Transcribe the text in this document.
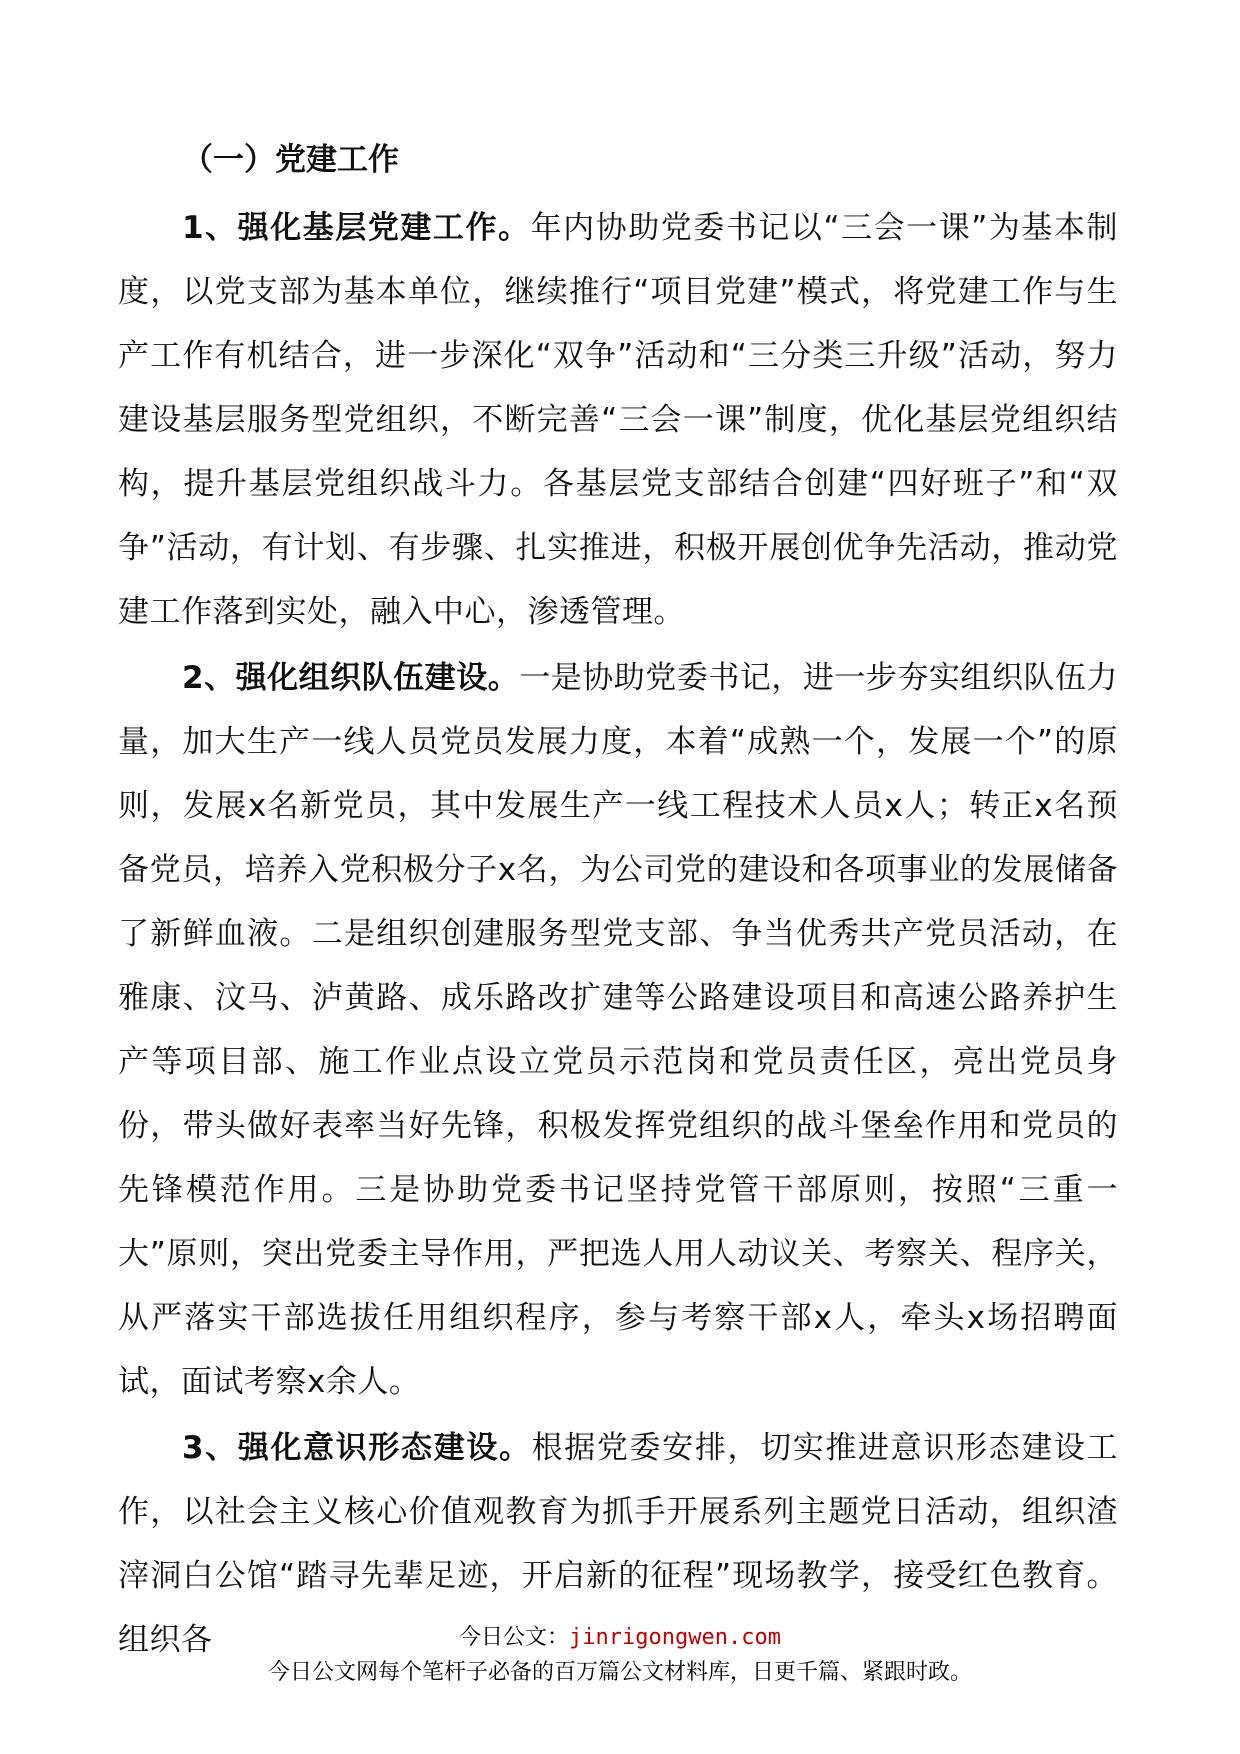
（一）党建工作

1、强化基层党建工作。年内协助党委书记以“三会一课”为基本制度，以党支部为基本单位，继续推行“项目党建”模式，将党建工作与生产工作有机结合，进一步深化“双争”活动和“三分类三升级”活动，努力建设基层服务型党组织，不断完善“三会一课”制度，优化基层党组织结构，提升基层党组织战斗力。各基层党支部结合创建“四好班子”和“双争”活动，有计划、有步骤、扎实推进，积极开展创优争先活动，推动党建工作落到实处，融入中心，渗透管理。

2、强化组织队伍建设。一是协助党委书记，进一步夯实组织队伍力量，加大生产一线人员党员发展力度，本着“成熟一个，发展一个”的原则，发展x名新党员，其中发展生产一线工程技术人员x人；转正x名预备党员，培养入党积极分子x名，为公司党的建设和各项事业的发展储备了新鲜血液。二是组织创建服务型党支部、争当优秀共产党员活动，在雅康、汶马、泸黄路、成乐路改扩建等公路建设项目和高速公路养护生产等项目部、施工作业点设立党员示范岗和党员责任区，亮出党员身份，带头做好表率当好先锋，积极发挥党组织的战斗堡垒作用和党员的先锋模范作用。三是协助党委书记坚持党管干部原则，按照“三重一大”原则，突出党委主导作用，严把选人用人动议关、考察关、程序关，从严落实干部选拔任用组织程序，参与考察干部x人，牵头x场招聘面试，面试考察x余人。

3、强化意识形态建设。根据党委安排，切实推进意识形态建设工作，以社会主义核心价值观教育为抓手开展系列主题党日活动，组织渣滓洞白公馆“踏寻先辈足迹，开启新的征程”现场教学，接受红色教育。组织各	今日公文：jinrigongwen.com
今日公文网每个笔杆子必备的百万篇公文材料库，日更千篇、紧跟时政。
